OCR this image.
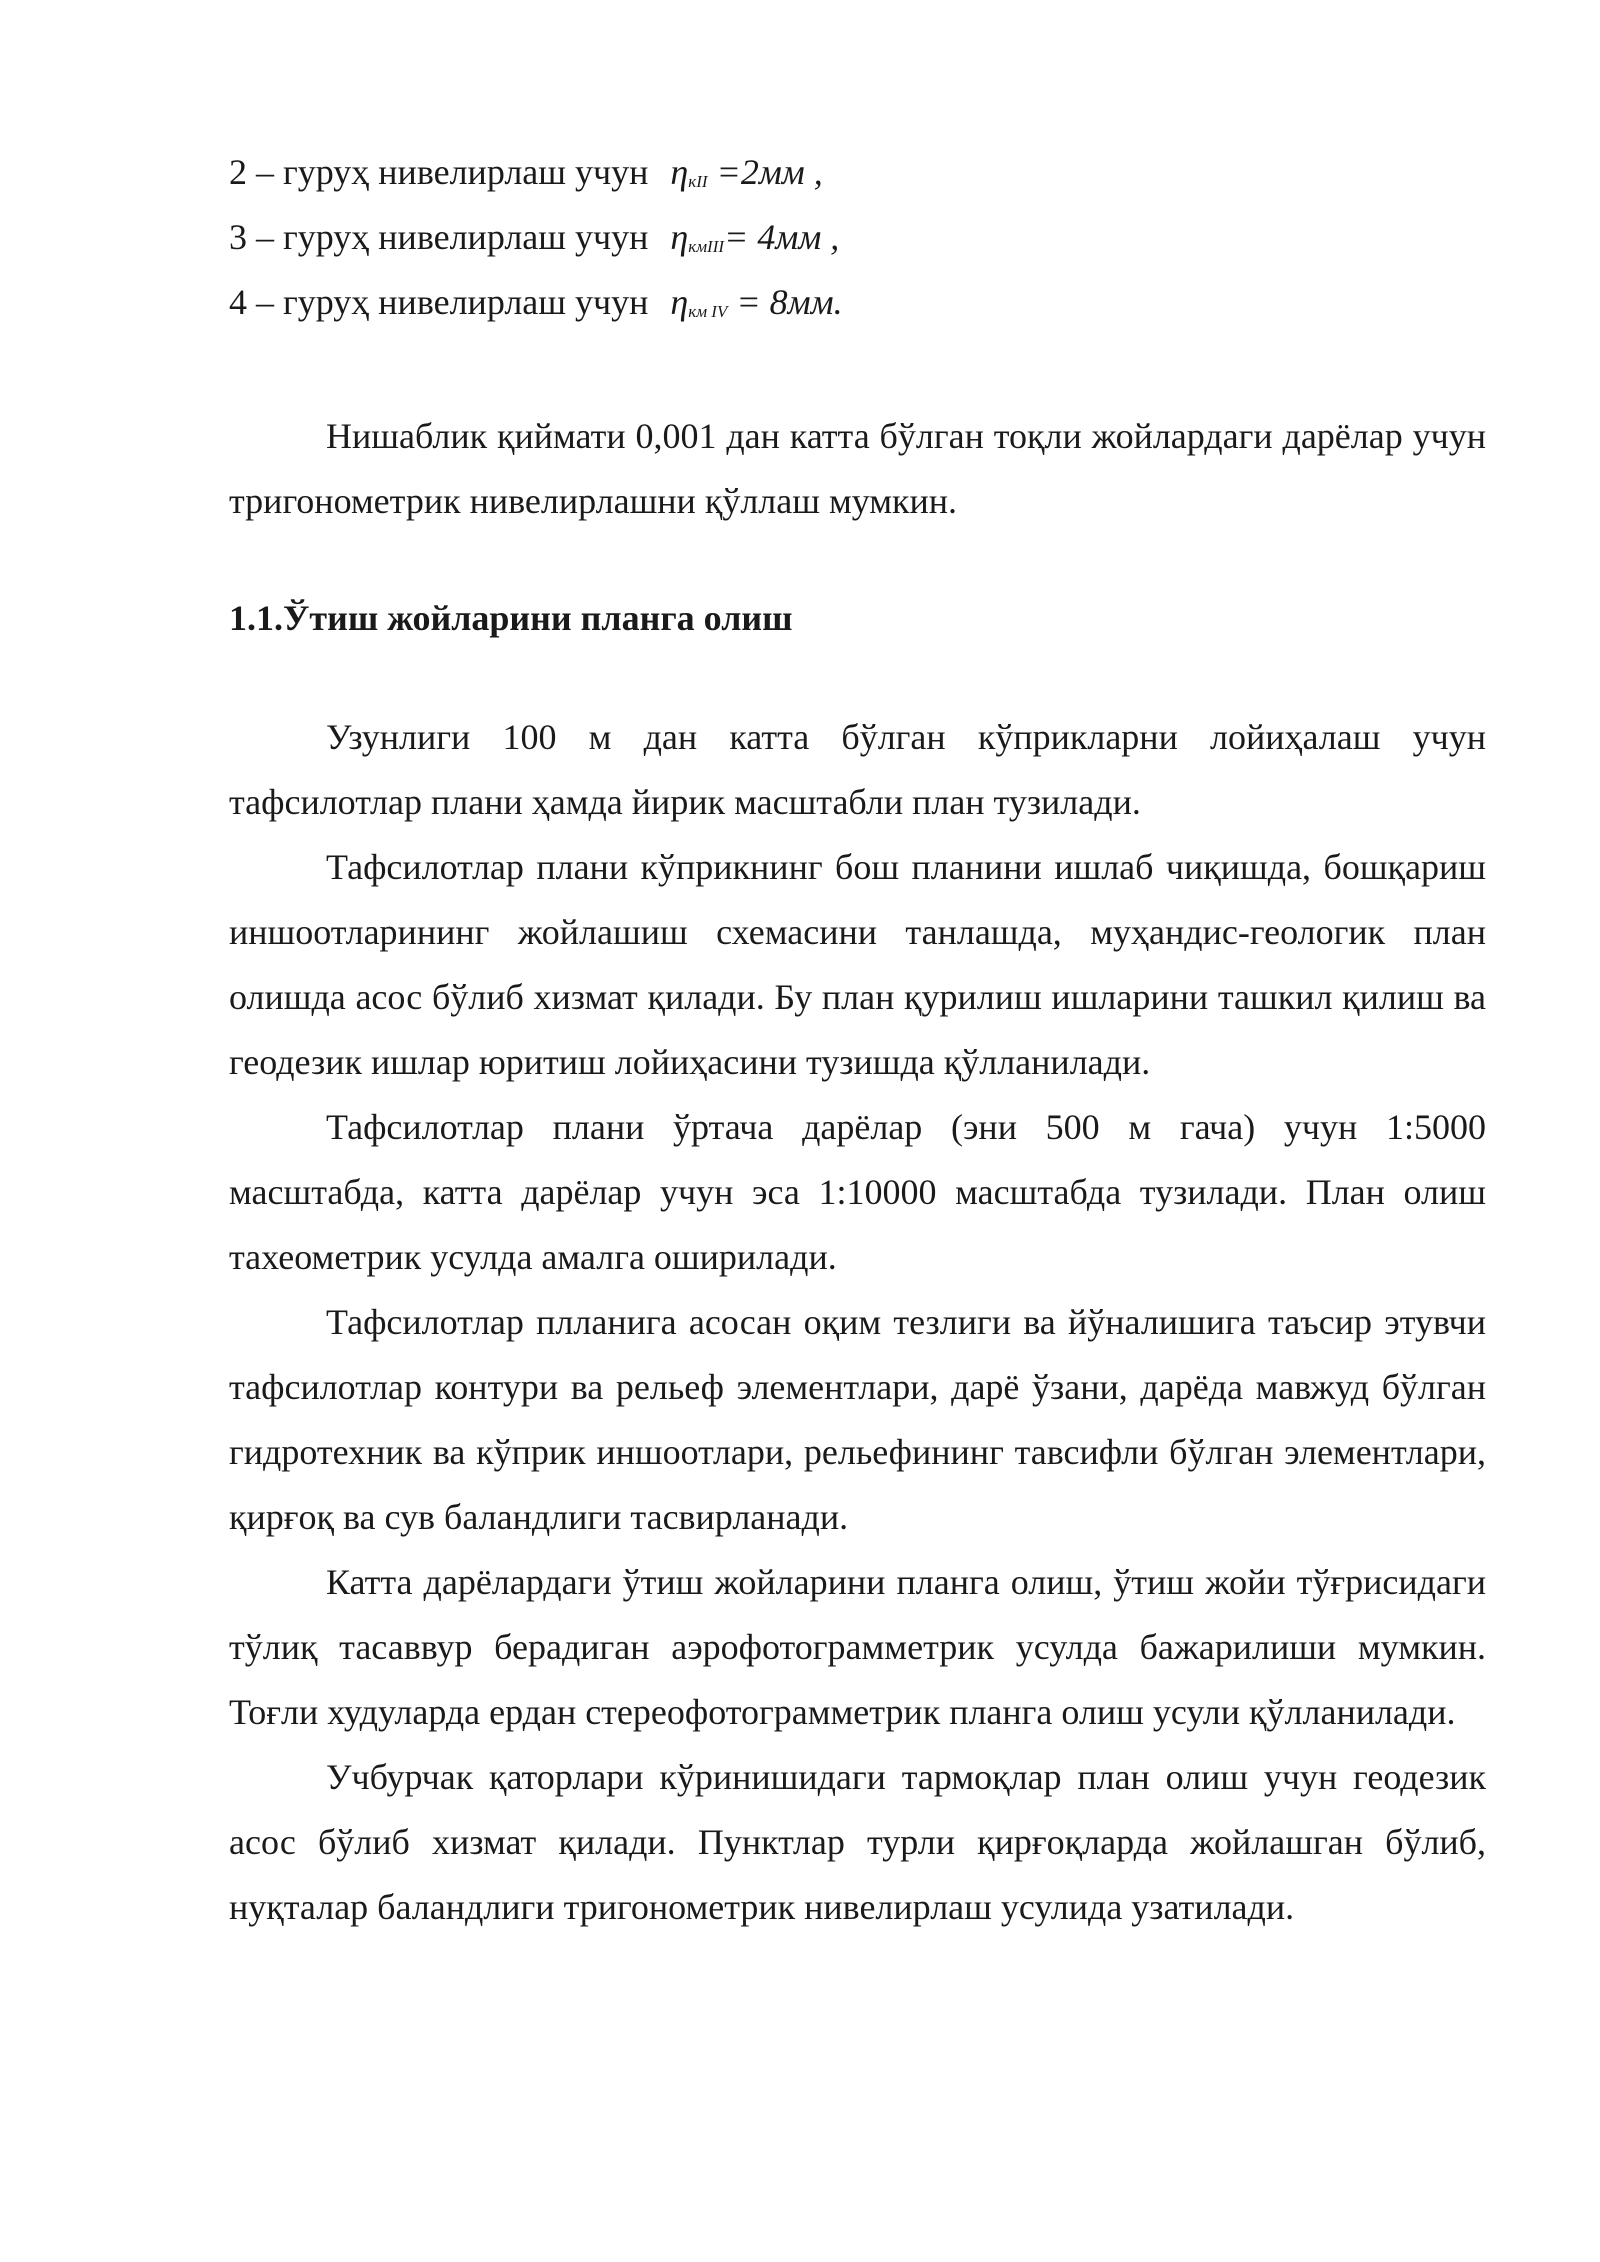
2 – гуруҳ нивелирлаш учун $\eta_{кII} =2мм$ ,
3 – гуруҳ нивелирлаш учун $\eta_{кмIII}= 4мм$ ,
4 – гуруҳ нивелирлаш учун $\eta_{км IV} = 8мм$.

Нишаблик қиймати 0,001 дан катта бўлган тоқли жойлардаги дарёлар учун тригонометрик нивелирлашни қўллаш мумкин.

1.1.Ўтиш жойларини планга олиш

Узунлиги 100 м дан катта бўлган кўприкларни лойиҳалаш учун тафсилотлар плани ҳамда йирик масштабли план тузилади.

Тафсилотлар плани кўприкнинг бош планини ишлаб чиқишда, бошқариш иншоотларининг жойлашиш схемасини танлашда, муҳандис-геологик план олишда асос бўлиб хизмат қилади. Бу план қурилиш ишларини ташкил қилиш ва геодезик ишлар юритиш лойиҳасини тузишда қўлланилади.

Тафсилотлар плани ўртача дарёлар (эни 500 м гача) учун 1:5000 масштабда, катта дарёлар учун эса 1:10000 масштабда тузилади. План олиш тахеометрик усулда амалга оширилади.

Тафсилотлар плланига асосан оқим тезлиги ва йўналишига таъсир этувчи тафсилотлар контури ва рельеф элементлари, дарё ўзани, дарёда мавжуд бўлган гидротехник ва кўприк иншоотлари, рельефининг тавсифли бўлган элементлари, қирғоқ ва сув баландлиги тасвирланади.

Катта дарёлардаги ўтиш жойларини планга олиш, ўтиш жойи тўғрисидаги тўлиқ тасаввур берадиган аэрофотограмметрик усулда бажарилиши мумкин. Тоғли худуларда ердан стереофотограмметрик планга олиш усули қўлланилади.

Учбурчак қаторлари кўринишидаги тармоқлар план олиш учун геодезик асос бўлиб хизмат қилади. Пунктлар турли қирғоқларда жойлашган бўлиб, нуқталар баландлиги тригонометрик нивелирлаш усулида узатилади.
